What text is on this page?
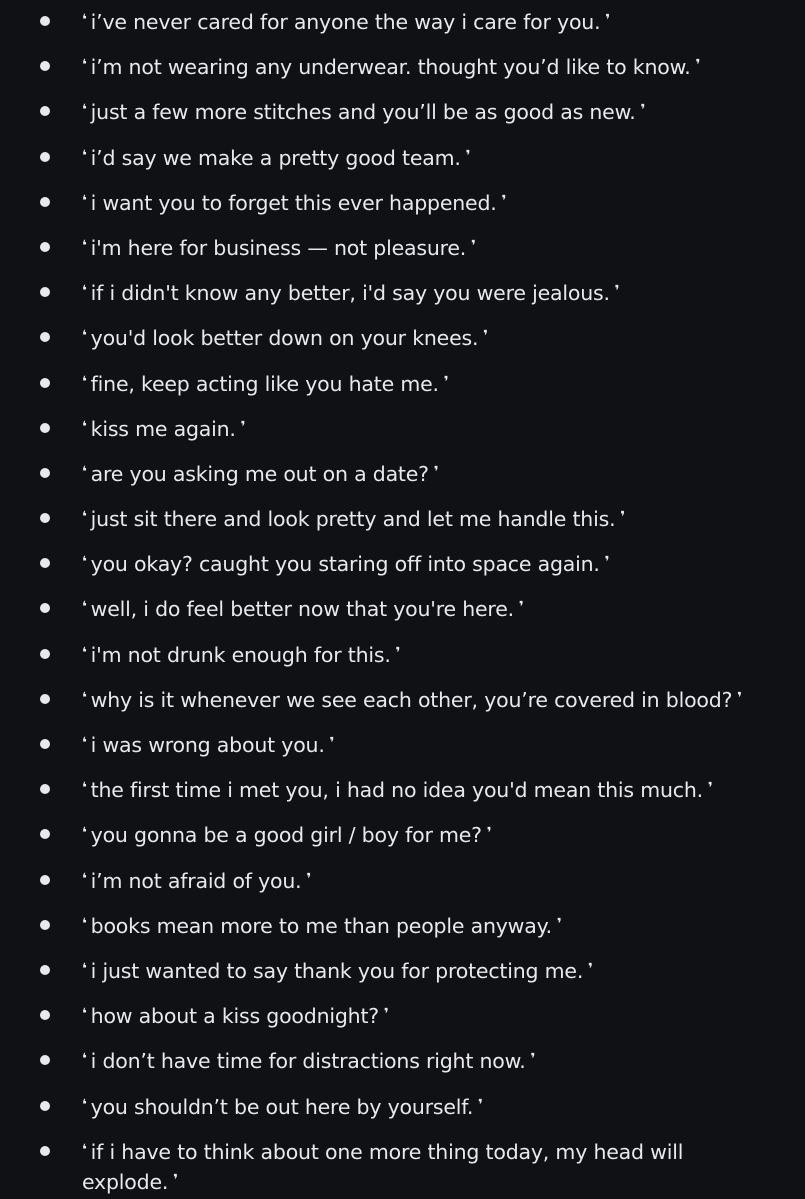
❛ i’ve never cared for anyone the way i care for you. ❜
❛ i’m not wearing any underwear. thought you’d like to know. ❜
❛ just a few more stitches and you’ll be as good as new. ❜
❛ i’d say we make a pretty good team. ❜
❛ i want you to forget this ever happened. ❜
❛ i'm here for business — not pleasure. ❜
❛ if i didn't know any better, i'd say you were jealous. ❜
❛ you'd look better down on your knees. ❜
❛ fine, keep acting like you hate me. ❜
❛ kiss me again. ❜
❛ are you asking me out on a date? ❜
❛ just sit there and look pretty and let me handle this. ❜
❛ you okay? caught you staring off into space again. ❜
❛ well, i do feel better now that you're here. ❜
❛ i'm not drunk enough for this. ❜
❛ why is it whenever we see each other, you’re covered in blood? ❜
❛ i was wrong about you. ❜
❛ the first time i met you, i had no idea you'd mean this much. ❜
❛ you gonna be a good girl / boy for me? ❜
❛ i’m not afraid of you. ❜
❛ books mean more to me than people anyway. ❜
❛ i just wanted to say thank you for protecting me. ❜
❛ how about a kiss goodnight? ❜
❛ i don’t have time for distractions right now. ❜
❛ you shouldn’t be out here by yourself. ❜
❛ if i have to think about one more thing today, my head will explode. ❜
